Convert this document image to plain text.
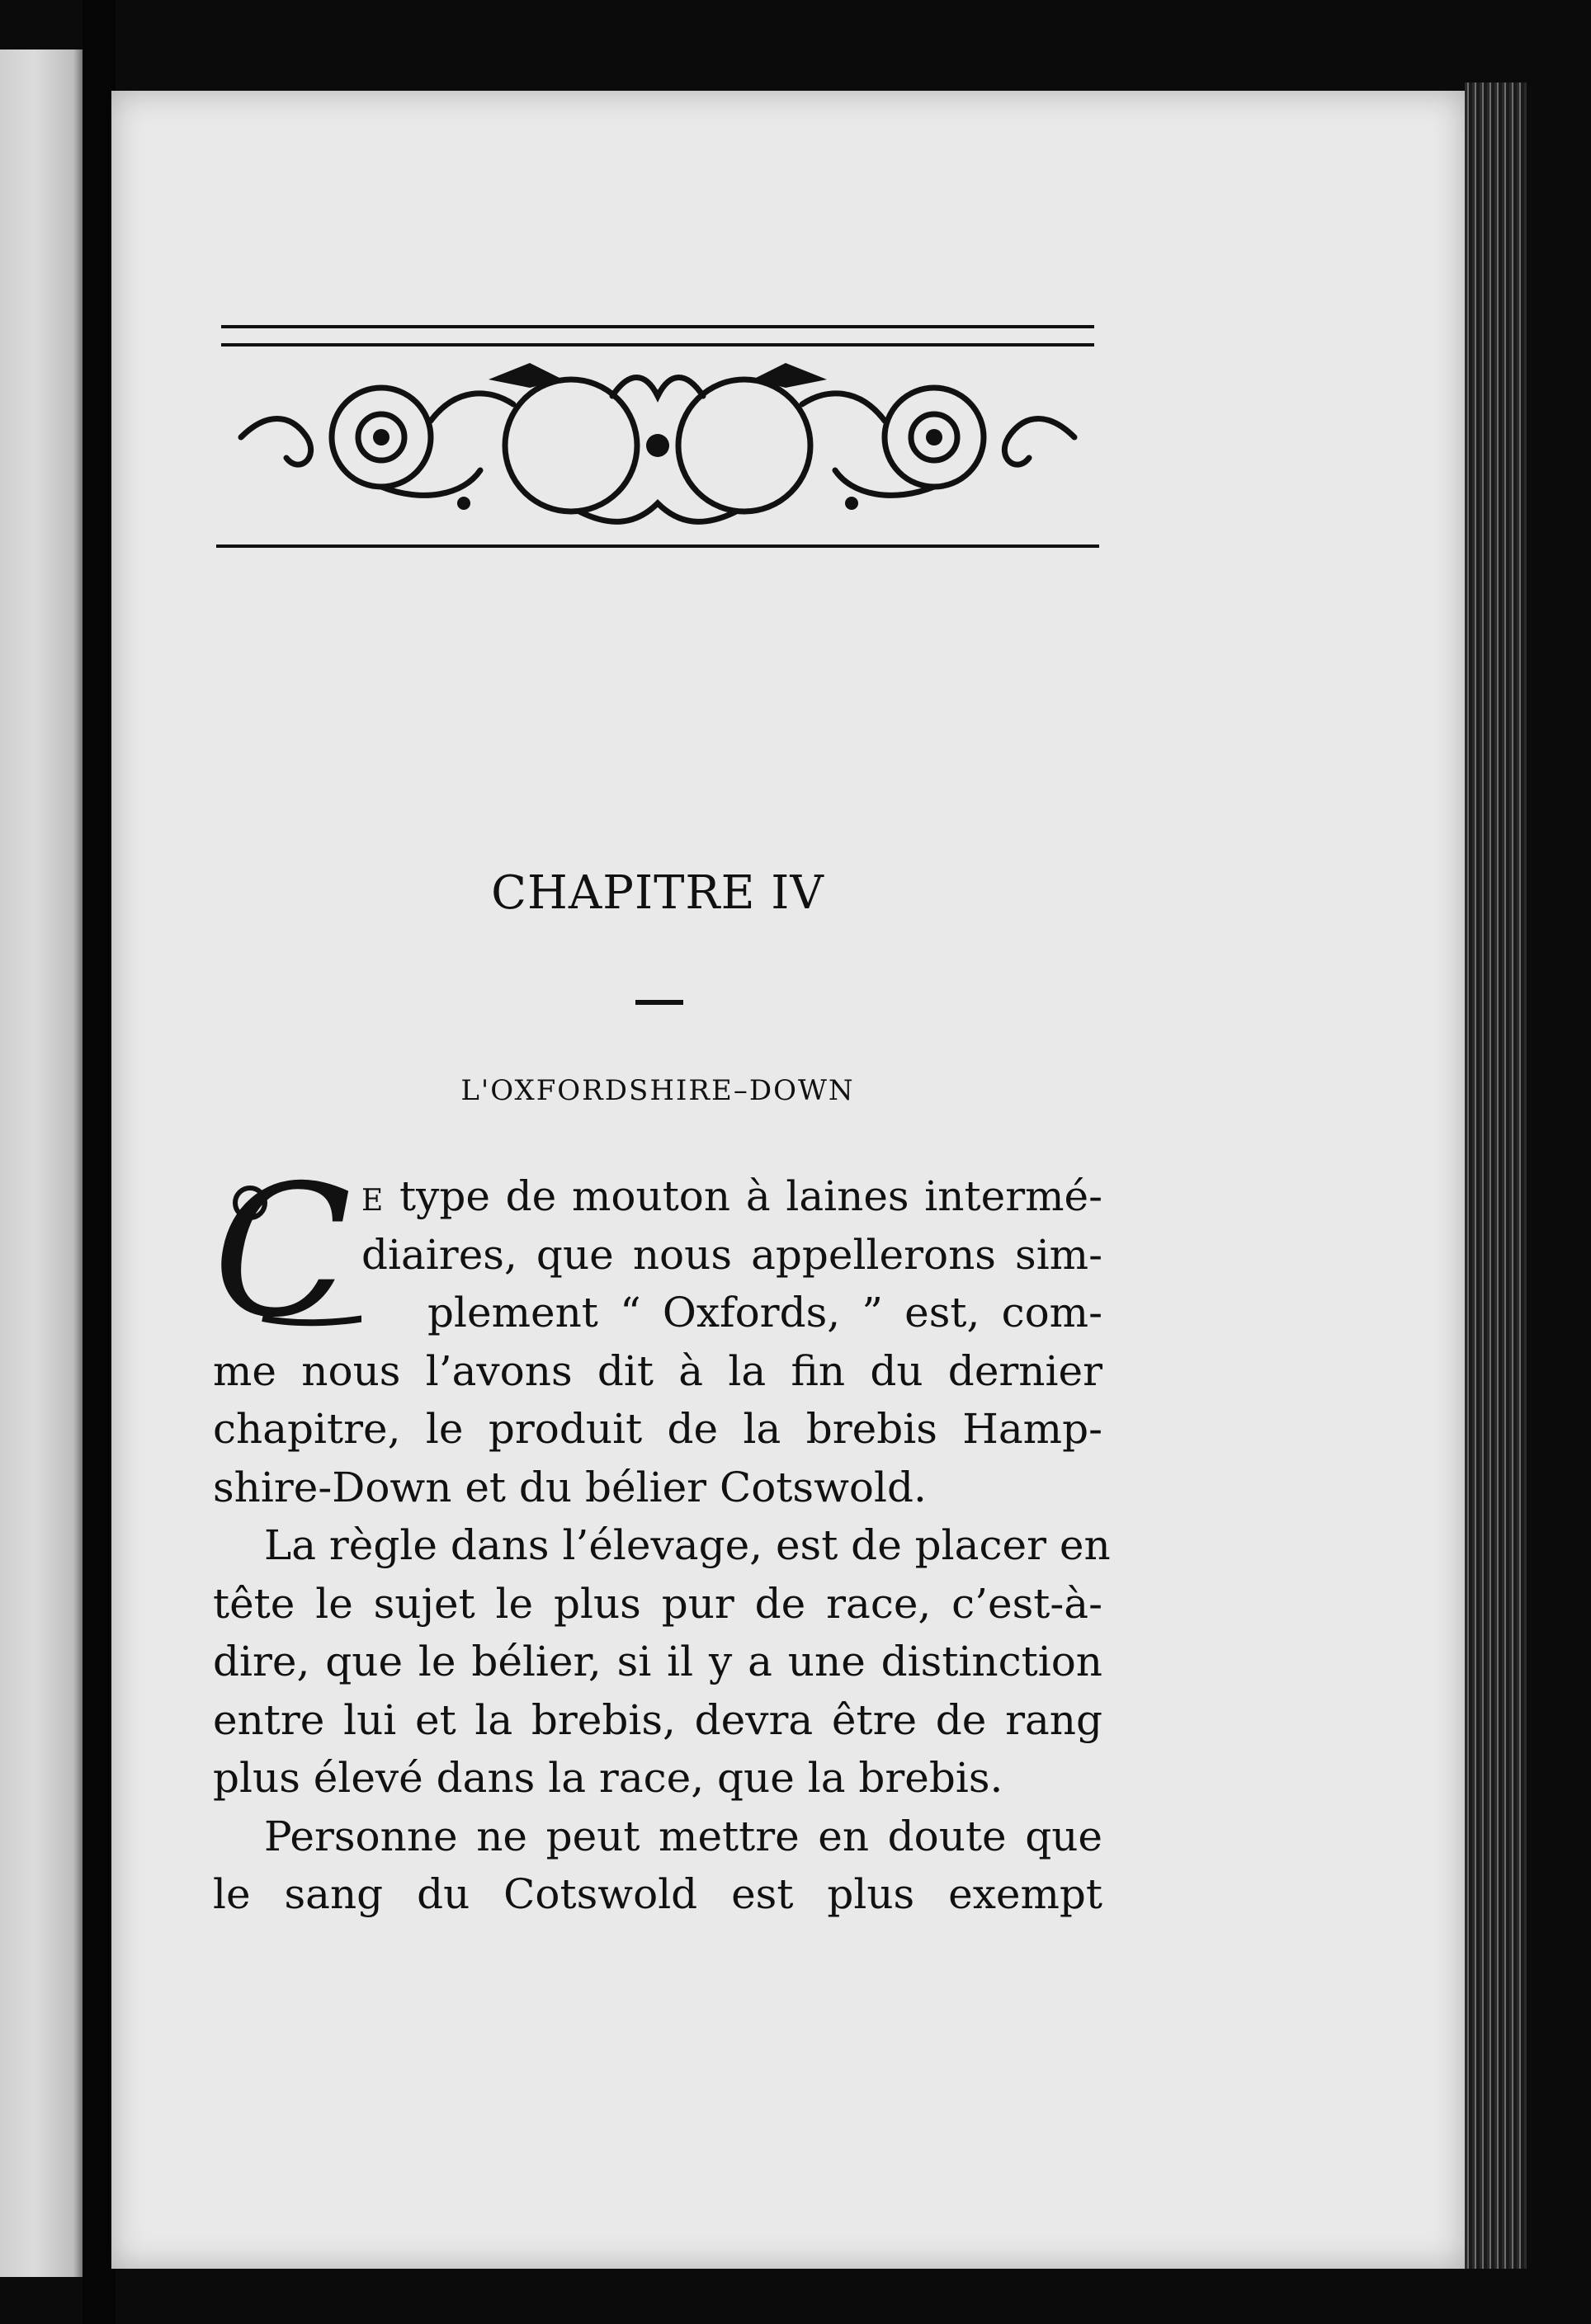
CHAPITRE IV
L'OXFORDSHIRE–DOWN
C E type de mouton à laines intermé-
diaires, que nous appellerons sim-
plement “ Oxfords, ” est, com-
me nous l’avons dit à la fin du dernier
chapitre, le produit de la brebis Hamp-
shire-Down et du bélier Cotswold.
La règle dans l’élevage, est de placer en
tête le sujet le plus pur de race, c’est-à-
dire, que le bélier, si il y a une distinction
entre lui et la brebis, devra être de rang
plus élevé dans la race, que la brebis.
Personne ne peut mettre en doute que
le sang du Cotswold est plus exempt
